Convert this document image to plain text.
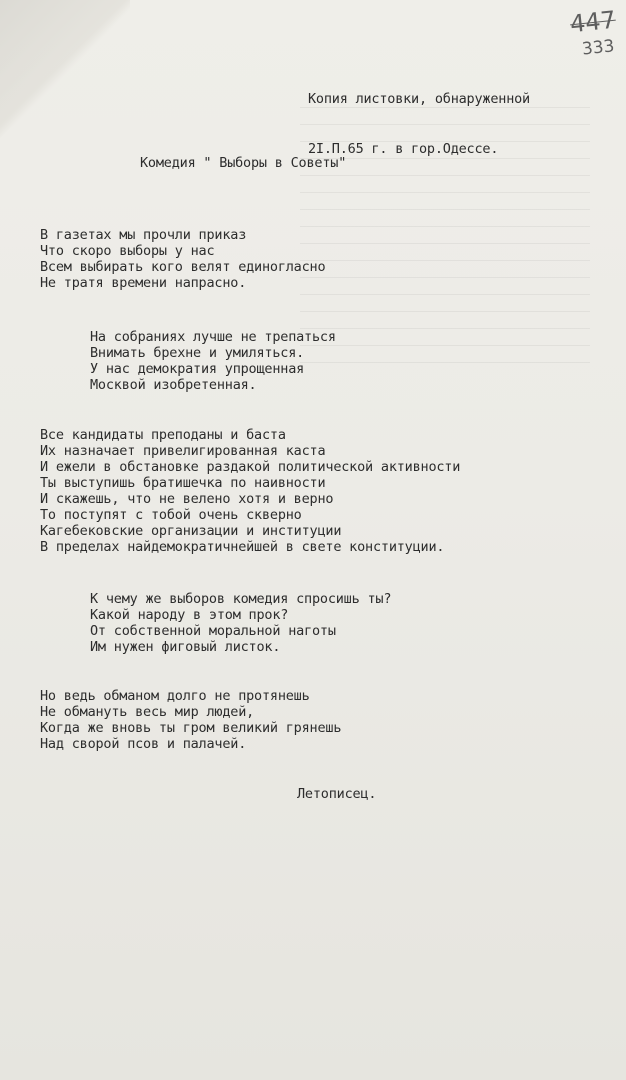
447
333

Копия листовки, обнаруженной

2I.П.65 г. в гор.Одессе.

Комедия " Выборы в Советы"
В газетах мы прочли приказ
Что скоро выборы у нас
Всем выбирать кого велят единогласно
Не тратя времени напрасно.
На собраниях лучше не трепаться
Внимать брехне и умиляться.
У нас демократия упрощенная
Москвой изобретенная.
Все кандидаты преподаны и баста
Их назначает привелигированная каста
И ежели в обстановке раздакой политической активности
Ты выступишь братишечка по наивности
И скажешь, что не велено хотя и верно
То поступят с тобой очень скверно
Кагебековские организации и институции
В пределах найдемократичнейшей в свете конституции.
К чему же выборов комедия спросишь ты?
Какой народу в этом прок?
От собственной моральной наготы
Им нужен фиговый листок.
Но ведь обманом долго не протянешь
Не обмануть весь мир людей,
Когда же вновь ты гром великий грянешь
Над сворой псов и палачей.
Летописец.
